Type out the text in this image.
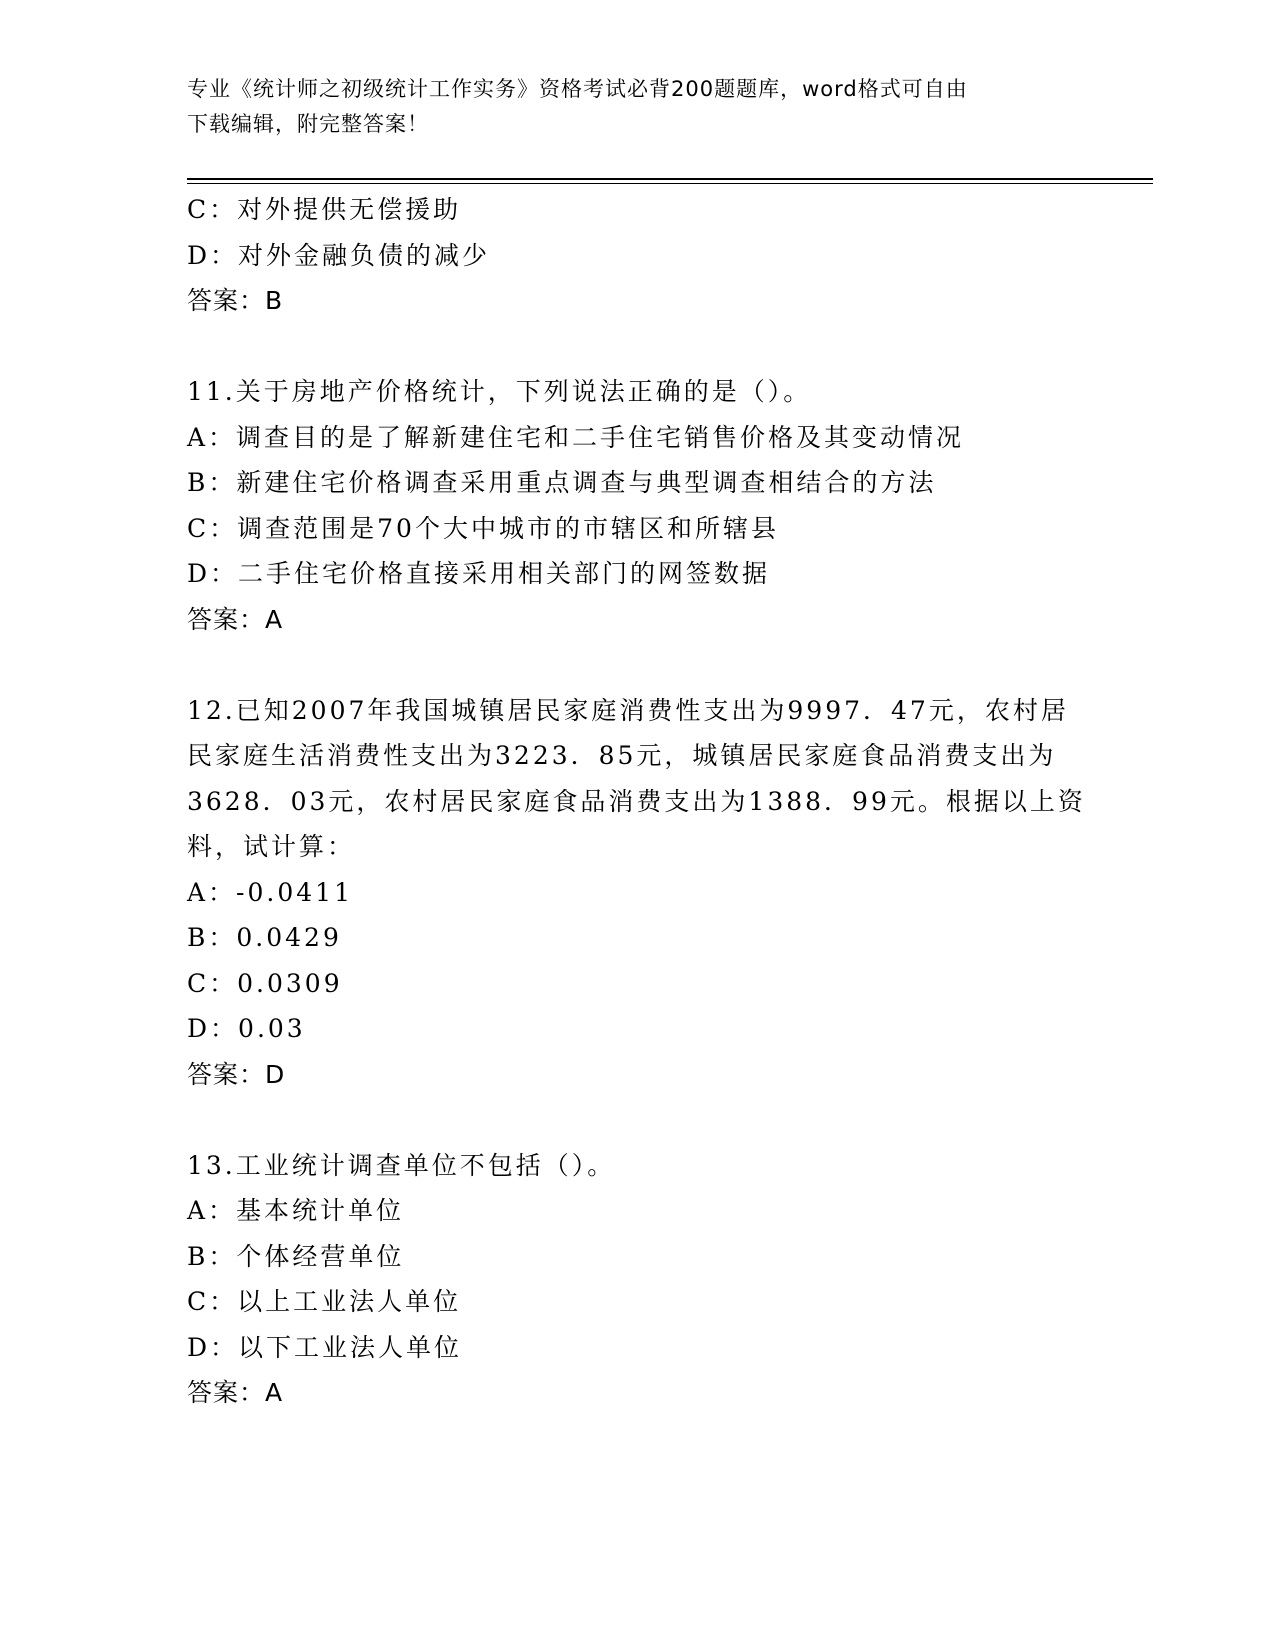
专业《统计师之初级统计工作实务》资格考试必背200题题库，word格式可自由
下载编辑，附完整答案！
C：对外提供无偿援助
D：对外金融负债的减少
答案：B
11.关于房地产价格统计，下列说法正确的是（）。
A：调查目的是了解新建住宅和二手住宅销售价格及其变动情况
B：新建住宅价格调查采用重点调查与典型调查相结合的方法
C：调查范围是70个大中城市的市辖区和所辖县
D：二手住宅价格直接采用相关部门的网签数据
答案：A
12.已知2007年我国城镇居民家庭消费性支出为9997．47元，农村居
民家庭生活消费性支出为3223．85元，城镇居民家庭食品消费支出为
3628．03元，农村居民家庭食品消费支出为1388．99元。根据以上资
料，试计算：
A：-0.0411
B：0.0429
C：0.0309
D：0.03
答案：D
13.工业统计调查单位不包括（）。
A：基本统计单位
B：个体经营单位
C：以上工业法人单位
D：以下工业法人单位
答案：A
